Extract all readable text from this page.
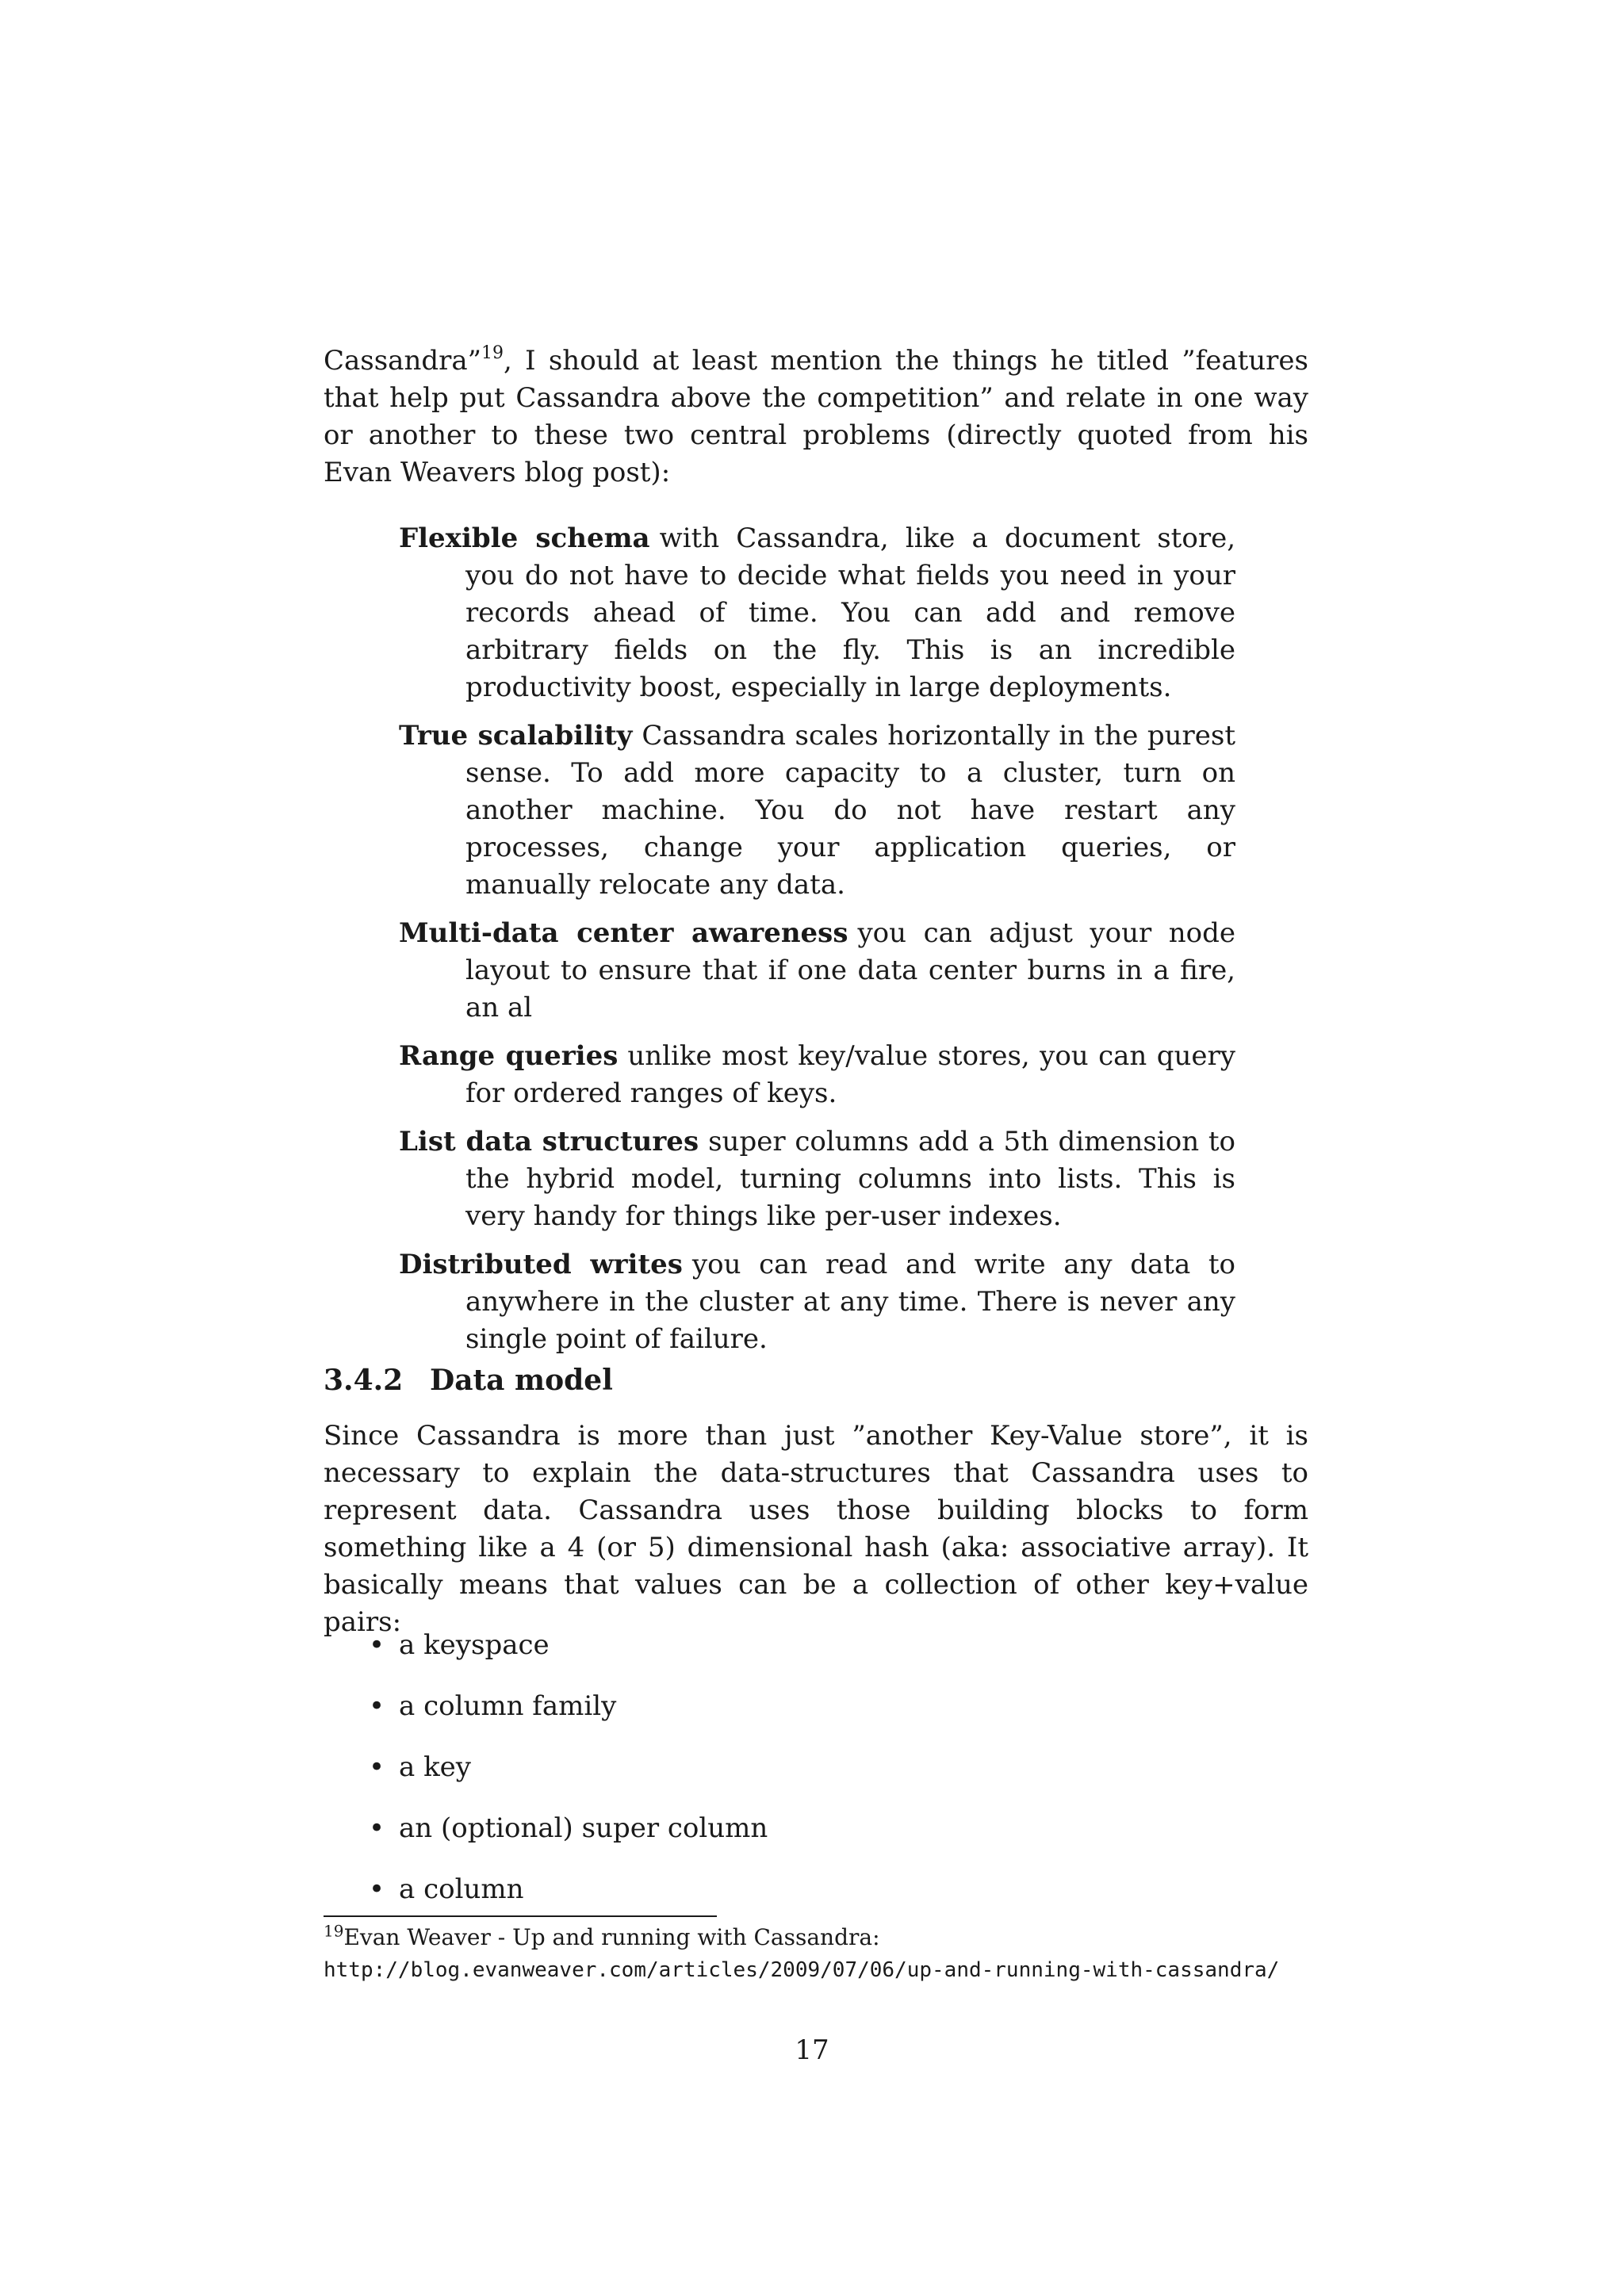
Cassandra”$^{19}$, I should at least mention the things he titled ”features that help put Cassandra above the competition” and relate in one way or another to these two central problems (directly quoted from his Evan Weavers blog post):

Flexible schema with Cassandra, like a document store, you do not have to decide what fields you need in your records ahead of time. You can add and remove arbitrary fields on the fly. This is an incredible productivity boost, especially in large deployments.
True scalability Cassandra scales horizontally in the purest sense. To add more capacity to a cluster, turn on another machine. You do not have restart any processes, change your application queries, or manually relocate any data.
Multi-data center awareness you can adjust your node layout to ensure that if one data center burns in a fire, an al
Range queries unlike most key/value stores, you can query for ordered ranges of keys.
List data structures super columns add a 5th dimension to the hybrid model, turning columns into lists. This is very handy for things like per-user indexes.
Distributed writes you can read and write any data to anywhere in the cluster at any time. There is never any single point of failure.
3.4.2 Data model

Since Cassandra is more than just ”another Key-Value store”, it is necessary to explain the data-structures that Cassandra uses to represent data. Cassandra uses those building blocks to form something like a 4 (or 5) dimensional hash (aka: associative array). It basically means that values can be a collection of other key+value pairs:

• a keyspace
• a column family
• a key
• an (optional) super column
• a column

$^{19}$Evan Weaver - Up and running with Cassandra: http://blog.evanweaver.com/articles/2009/07/06/up-and-running-with-cassandra/

17
